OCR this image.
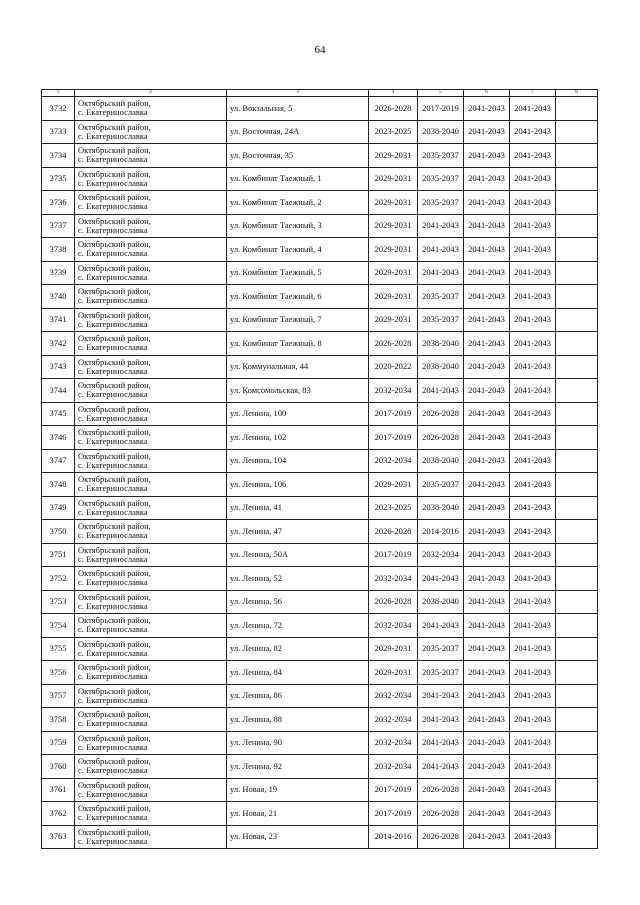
64
1	2	3	4	5	6	7	8
3732	Октябрьский район,
с. Екатеринославка	ул. Вокзальная, 5	2026-2028	2017-2019	2041-2043	2041-2043	
3733	Октябрьский район,
с. Екатеринославка	ул. Восточная, 24А	2023-2025	2038-2040	2041-2043	2041-2043	
3734	Октябрьский район,
с. Екатеринославка	ул. Восточная, 35	2029-2031	2035-2037	2041-2043	2041-2043	
3735	Октябрьский район,
с. Екатеринославка	ул. Комбинат Таежный, 1	2029-2031	2035-2037	2041-2043	2041-2043	
3736	Октябрьский район,
с. Екатеринославка	ул. Комбинат Таежный, 2	2029-2031	2035-2037	2041-2043	2041-2043	
3737	Октябрьский район,
с. Екатеринославка	ул. Комбинат Таежный, 3	2029-2031	2041-2043	2041-2043	2041-2043	
3738	Октябрьский район,
с. Екатеринославка	ул. Комбинат Таежный, 4	2029-2031	2041-2043	2041-2043	2041-2043	
3739	Октябрьский район,
с. Екатеринославка	ул. Комбинат Таежный, 5	2029-2031	2041-2043	2041-2043	2041-2043	
3740	Октябрьский район,
с. Екатеринославка	ул. Комбинат Таежный, 6	2029-2031	2035-2037	2041-2043	2041-2043	
3741	Октябрьский район,
с. Екатеринославка	ул. Комбинат Таежный, 7	2029-2031	2035-2037	2041-2043	2041-2043	
3742	Октябрьский район,
с. Екатеринославка	ул. Комбинат Таежный, 8	2026-2028	2038-2040	2041-2043	2041-2043	
3743	Октябрьский район,
с. Екатеринославка	ул. Коммунальная, 44	2020-2022	2038-2040	2041-2043	2041-2043	
3744	Октябрьский район,
с. Екатеринославка	ул. Комсомольская, 83	2032-2034	2041-2043	2041-2043	2041-2043	
3745	Октябрьский район,
с. Екатеринославка	ул. Ленина, 100	2017-2019	2026-2028	2041-2043	2041-2043	
3746	Октябрьский район,
с. Екатеринославка	ул. Ленина, 102	2017-2019	2026-2028	2041-2043	2041-2043	
3747	Октябрьский район,
с. Екатеринославка	ул. Ленина, 104	2032-2034	2038-2040	2041-2043	2041-2043	
3748	Октябрьский район,
с. Екатеринославка	ул. Ленина, 106	2029-2031	2035-2037	2041-2043	2041-2043	
3749	Октябрьский район,
с. Екатеринославка	ул. Ленина, 41	2023-2025	2038-2040	2041-2043	2041-2043	
3750	Октябрьский район,
с. Екатеринославка	ул. Ленина, 47	2026-2028	2014-2016	2041-2043	2041-2043	
3751	Октябрьский район,
с. Екатеринославка	ул. Ленина, 50А	2017-2019	2032-2034	2041-2043	2041-2043	
3752	Октябрьский район,
с. Екатеринославка	ул. Ленина, 52	2032-2034	2041-2043	2041-2043	2041-2043	
3753	Октябрьский район,
с. Екатеринославка	ул. Ленина, 56	2026-2028	2038-2040	2041-2043	2041-2043	
3754	Октябрьский район,
с. Екатеринославка	ул. Ленина, 72	2032-2034	2041-2043	2041-2043	2041-2043	
3755	Октябрьский район,
с. Екатеринославка	ул. Ленина, 82	2029-2031	2035-2037	2041-2043	2041-2043	
3756	Октябрьский район,
с. Екатеринославка	ул. Ленина, 84	2029-2031	2035-2037	2041-2043	2041-2043	
3757	Октябрьский район,
с. Екатеринославка	ул. Ленина, 86	2032-2034	2041-2043	2041-2043	2041-2043	
3758	Октябрьский район,
с. Екатеринославка	ул. Ленина, 88	2032-2034	2041-2043	2041-2043	2041-2043	
3759	Октябрьский район,
с. Екатеринославка	ул. Ленина, 90	2032-2034	2041-2043	2041-2043	2041-2043	
3760	Октябрьский район,
с. Екатеринославка	ул. Ленина, 92	2032-2034	2041-2043	2041-2043	2041-2043	
3761	Октябрьский район,
с. Екатеринославка	ул. Новая, 19	2017-2019	2026-2028	2041-2043	2041-2043	
3762	Октябрьский район,
с. Екатеринославка	ул. Новая, 21	2017-2019	2026-2028	2041-2043	2041-2043	
3763	Октябрьский район,
с. Екатеринославка	ул. Новая, 23	2014-2016	2026-2028	2041-2043	2041-2043	
